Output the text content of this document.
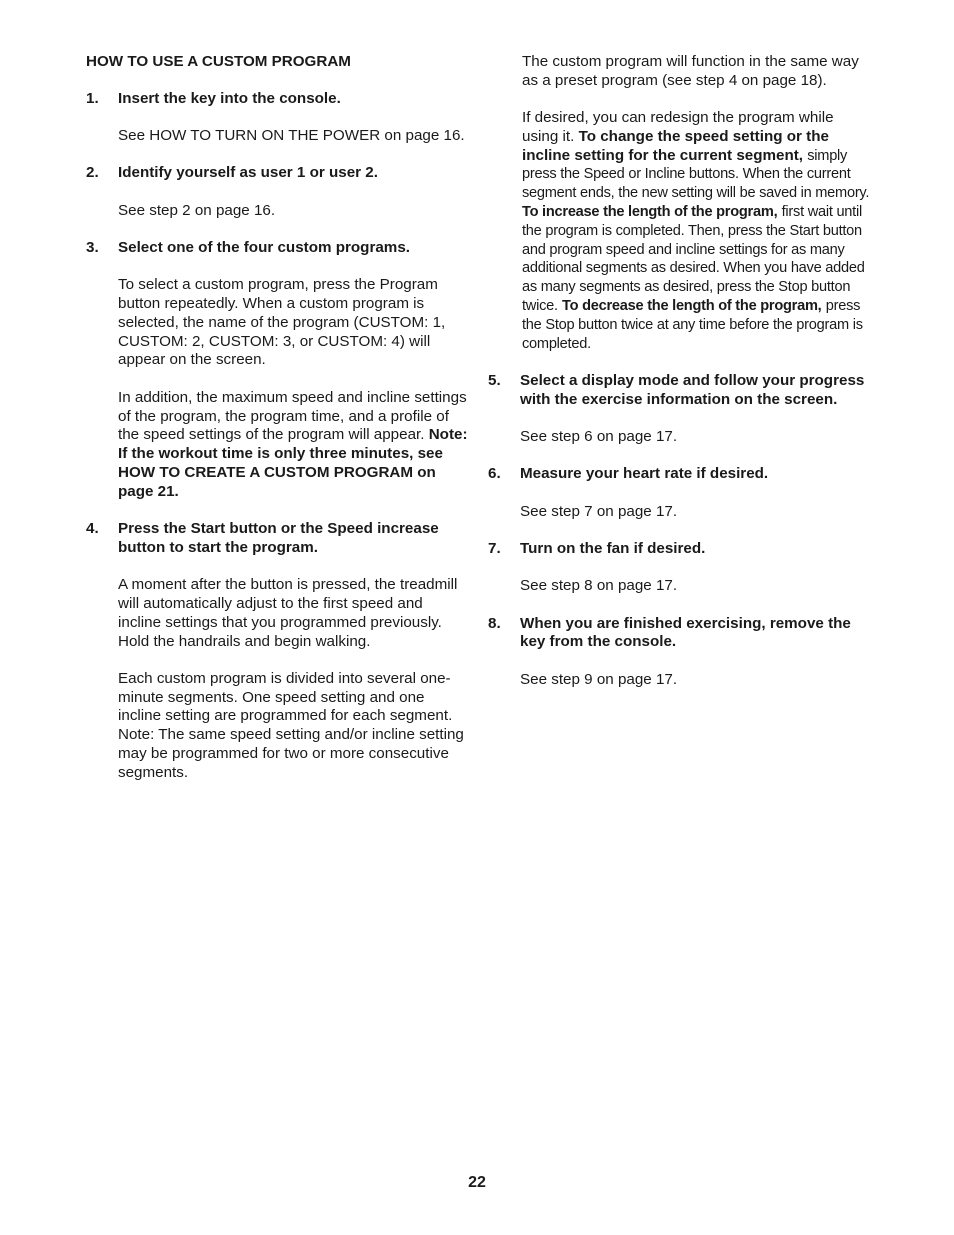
HOW TO USE A CUSTOM PROGRAM
1.	Insert the key into the console.

See HOW TO TURN ON THE POWER on page 16.

2.	Identify yourself as user 1 or user 2.

See step 2 on page 16.

3.	Select one of the four custom programs.

To select a custom program, press the Program button repeatedly. When a custom program is selected, the name of the program (CUSTOM: 1, CUSTOM: 2, CUSTOM: 3, or CUSTOM: 4) will appear on the screen.

In addition, the maximum speed and incline settings of the program, the program time, and a profile of the speed settings of the program will appear. Note: If the workout time is only three minutes, see HOW TO CREATE A CUSTOM PROGRAM on page 21.

4.	Press the Start button or the Speed increase button to start the program.

A moment after the button is pressed, the treadmill will automatically adjust to the first speed and incline settings that you programmed previously. Hold the handrails and begin walking.

Each custom program is divided into several one-minute segments. One speed setting and one incline setting are programmed for each segment. Note: The same speed setting and/or incline setting may be programmed for two or more consecutive segments.

The custom program will function in the same way as a preset program (see step 4 on page 18).

If desired, you can redesign the program while using it. To change the speed setting or the incline setting for the current segment, simply press the Speed or Incline buttons. When the current segment ends, the new setting will be saved in memory. To increase the length of the program, first wait until the program is completed. Then, press the Start button and program speed and incline settings for as many additional segments as desired. When you have added as many segments as desired, press the Stop button twice. To decrease the length of the program, press the Stop button twice at any time before the program is completed.

5.	Select a display mode and follow your progress with the exercise information on the screen.

See step 6 on page 17.

6.	Measure your heart rate if desired.

See step 7 on page 17.

7.	Turn on the fan if desired.

See step 8 on page 17.

8.	When you are finished exercising, remove the key from the console.

See step 9 on page 17.

22
